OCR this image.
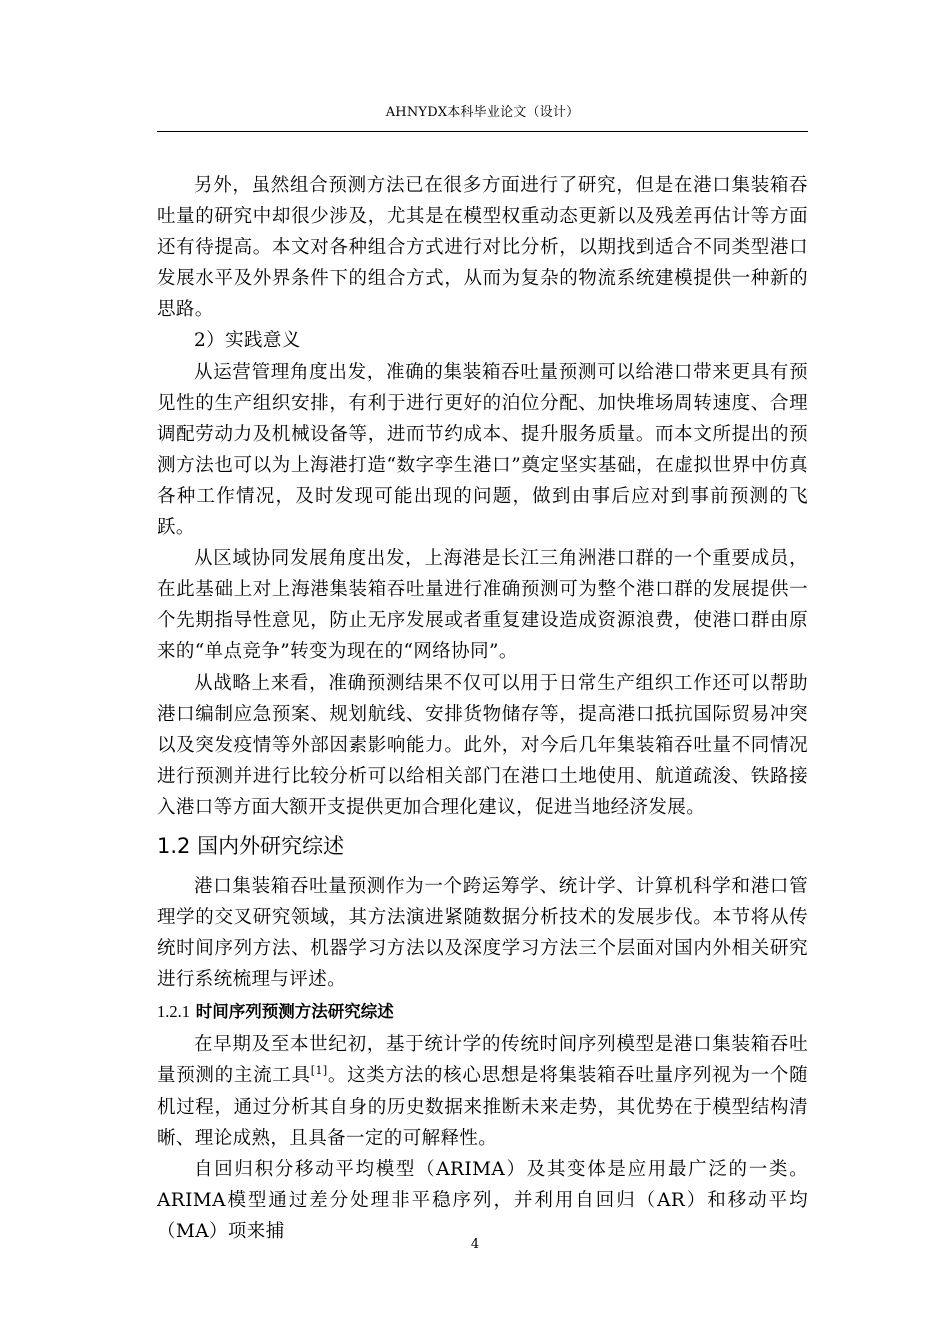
AHNYDX本科毕业论文（设计）

另外，虽然组合预测方法已在很多方面进行了研究，但是在港口集装箱吞吐量的研究中却很少涉及，尤其是在模型权重动态更新以及残差再估计等方面还有待提高。本文对各种组合方式进行对比分析，以期找到适合不同类型港口发展水平及外界条件下的组合方式，从而为复杂的物流系统建模提供一种新的思路。

2）实践意义

从运营管理角度出发，准确的集装箱吞吐量预测可以给港口带来更具有预见性的生产组织安排，有利于进行更好的泊位分配、加快堆场周转速度、合理调配劳动力及机械设备等，进而节约成本、提升服务质量。而本文所提出的预测方法也可以为上海港打造“数字孪生港口”奠定坚实基础，在虚拟世界中仿真各种工作情况，及时发现可能出现的问题，做到由事后应对到事前预测的飞跃。

从区域协同发展角度出发，上海港是长江三角洲港口群的一个重要成员，在此基础上对上海港集装箱吞吐量进行准确预测可为整个港口群的发展提供一个先期指导性意见，防止无序发展或者重复建设造成资源浪费，使港口群由原来的“单点竞争”转变为现在的“网络协同”。

从战略上来看，准确预测结果不仅可以用于日常生产组织工作还可以帮助港口编制应急预案、规划航线、安排货物储存等，提高港口抵抗国际贸易冲突以及突发疫情等外部因素影响能力。此外，对今后几年集装箱吞吐量不同情况进行预测并进行比较分析可以给相关部门在港口土地使用、航道疏浚、铁路接入港口等方面大额开支提供更加合理化建议，促进当地经济发展。

1.2 国内外研究综述

港口集装箱吞吐量预测作为一个跨运筹学、统计学、计算机科学和港口管理学的交叉研究领域，其方法演进紧随数据分析技术的发展步伐。本节将从传统时间序列方法、机器学习方法以及深度学习方法三个层面对国内外相关研究进行系统梳理与评述。

1.2.1 时间序列预测方法研究综述

在早期及至本世纪初，基于统计学的传统时间序列模型是港口集装箱吞吐量预测的主流工具[1]。这类方法的核心思想是将集装箱吞吐量序列视为一个随机过程，通过分析其自身的历史数据来推断未来走势，其优势在于模型结构清晰、理论成熟，且具备一定的可解释性。

自回归积分移动平均模型（ARIMA）及其变体是应用最广泛的一类。ARIMA模型通过差分处理非平稳序列，并利用自回归（AR）和移动平均（MA）项来捕

4
